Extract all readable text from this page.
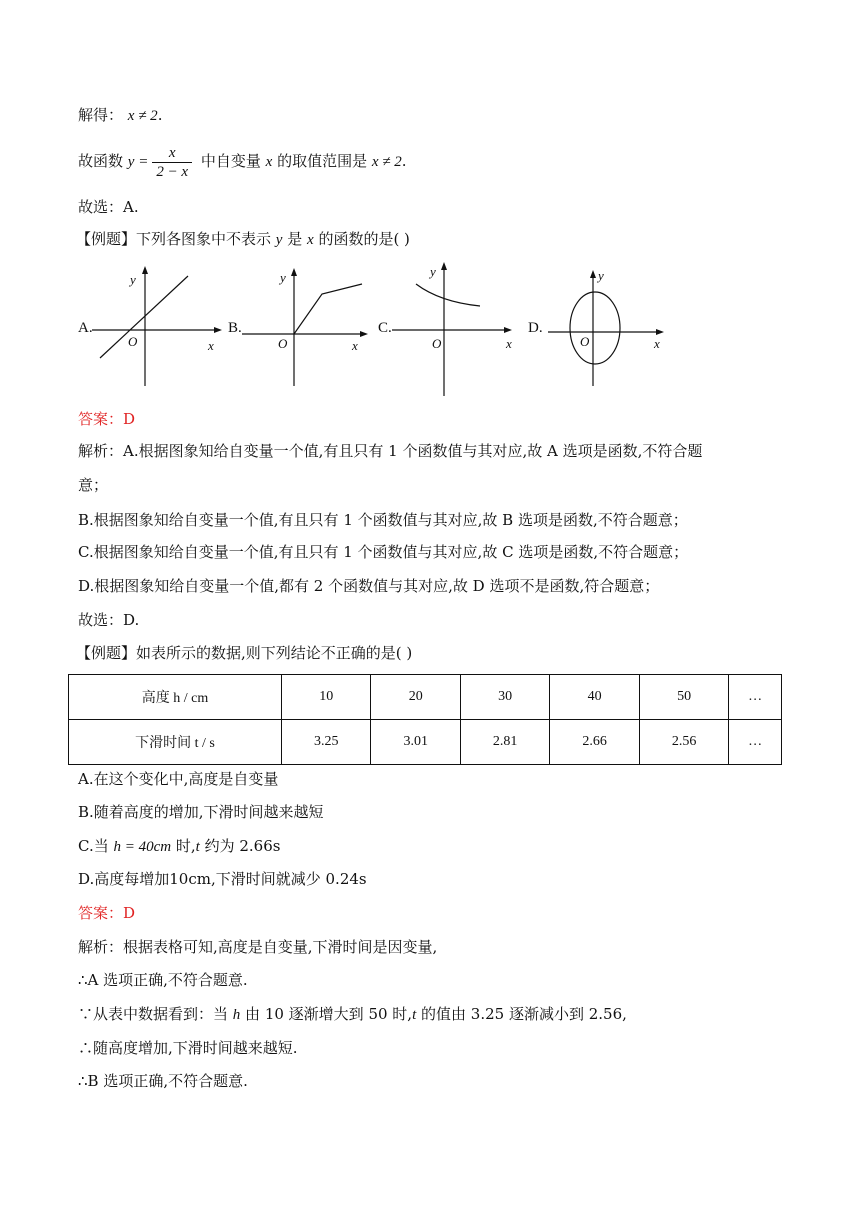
解得： x ≠ 2.
故函数 $y = \frac{x}{2 - x}$ 中自变量 x 的取值范围是 x ≠ 2.
故选：A.
【例题】下列各图象中不表示 y 是 x 的函数的是( )
A.	B.	C.	D.
y
x
O
y
x
O
y
x
O
y
x
O
答案：D
解析：A.根据图象知给自变量一个值,有且只有 1 个函数值与其对应,故 A 选项是函数,不符合题
意；
B.根据图象知给自变量一个值,有且只有 1 个函数值与其对应,故 B 选项是函数,不符合题意；
C.根据图象知给自变量一个值,有且只有 1 个函数值与其对应,故 C 选项是函数,不符合题意；
D.根据图象知给自变量一个值,都有 2 个函数值与其对应,故 D 选项不是函数,符合题意；
故选：D.
【例题】如表所示的数据,则下列结论不正确的是( )
高度 h / cm	10	20	30	40	50	…
下滑时间 t / s	3.25	3.01	2.81	2.66	2.56	…
A.在这个变化中,高度是自变量
B.随着高度的增加,下滑时间越来越短
C.当 h = 40cm 时,t 约为 2.66s
D.高度每增加10cm,下滑时间就减少 0.24s
答案：D
解析：根据表格可知,高度是自变量,下滑时间是因变量,
∴A 选项正确,不符合题意.
∵从表中数据看到：当 h 由 10 逐渐增大到 50 时,t 的值由 3.25 逐渐减小到 2.56,
∴随高度增加,下滑时间越来越短.
∴B 选项正确,不符合题意.
